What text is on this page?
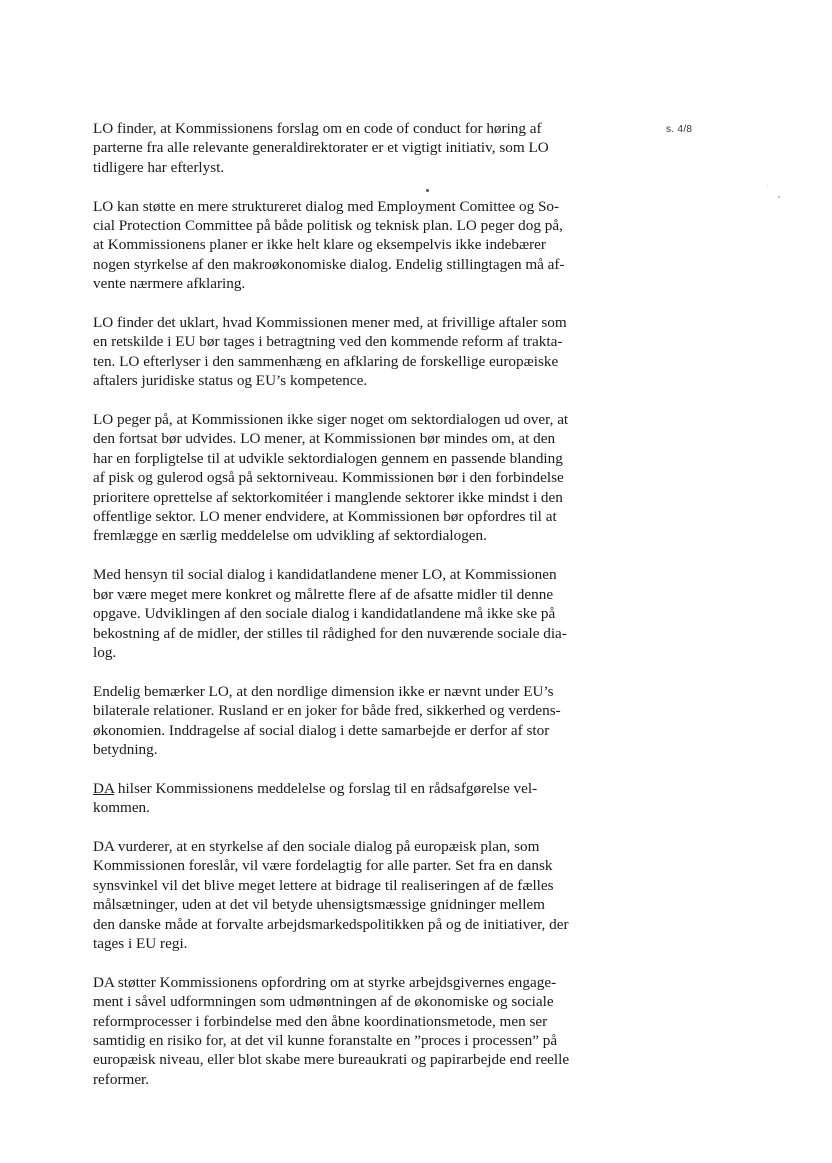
s. 4/8
LO finder, at Kommissionens forslag om en code of conduct for høring af
parterne fra alle relevante generaldirektorater er et vigtigt initiativ, som LO
tidligere har efterlyst.
LO kan støtte en mere struktureret dialog med Employment Comittee og So-
cial Protection Committee på både politisk og teknisk plan. LO peger dog på,
at Kommissionens planer er ikke helt klare og eksempelvis ikke indebærer
nogen styrkelse af den makroøkonomiske dialog. Endelig stillingtagen må af-
vente nærmere afklaring.
LO finder det uklart, hvad Kommissionen mener med, at frivillige aftaler som
en retskilde i EU bør tages i betragtning ved den kommende reform af trakta-
ten. LO efterlyser i den sammenhæng en afklaring de forskellige europæiske
aftalers juridiske status og EU’s kompetence.
LO peger på, at Kommissionen ikke siger noget om sektordialogen ud over, at
den fortsat bør udvides. LO mener, at Kommissionen bør mindes om, at den
har en forpligtelse til at udvikle sektordialogen gennem en passende blanding
af pisk og gulerod også på sektorniveau. Kommissionen bør i den forbindelse
prioritere oprettelse af sektorkomitéer i manglende sektorer ikke mindst i den
offentlige sektor. LO mener endvidere, at Kommissionen bør opfordres til at
fremlægge en særlig meddelelse om udvikling af sektordialogen.
Med hensyn til social dialog i kandidatlandene mener LO, at Kommissionen
bør være meget mere konkret og målrette flere af de afsatte midler til denne
opgave. Udviklingen af den sociale dialog i kandidatlandene må ikke ske på
bekostning af de midler, der stilles til rådighed for den nuværende sociale dia-
log.
Endelig bemærker LO, at den nordlige dimension ikke er nævnt under EU’s
bilaterale relationer. Rusland er en joker for både fred, sikkerhed og verdens-
økonomien. Inddragelse af social dialog i dette samarbejde er derfor af stor
betydning.
DA hilser Kommissionens meddelelse og forslag til en rådsafgørelse vel-
kommen.
DA vurderer, at en styrkelse af den sociale dialog på europæisk plan, som
Kommissionen foreslår, vil være fordelagtig for alle parter. Set fra en dansk
synsvinkel vil det blive meget lettere at bidrage til realiseringen af de fælles
målsætninger, uden at det vil betyde uhensigtsmæssige gnidninger mellem
den danske måde at forvalte arbejdsmarkedspolitikken på og de initiativer, der
tages i EU regi.
DA støtter Kommissionens opfordring om at styrke arbejdsgivernes engage-
ment i såvel udformningen som udmøntningen af de økonomiske og sociale
reformprocesser i forbindelse med den åbne koordinationsmetode, men ser
samtidig en risiko for, at det vil kunne foranstalte en ”proces i processen” på
europæisk niveau, eller blot skabe mere bureaukrati og papirarbejde end reelle
reformer.
